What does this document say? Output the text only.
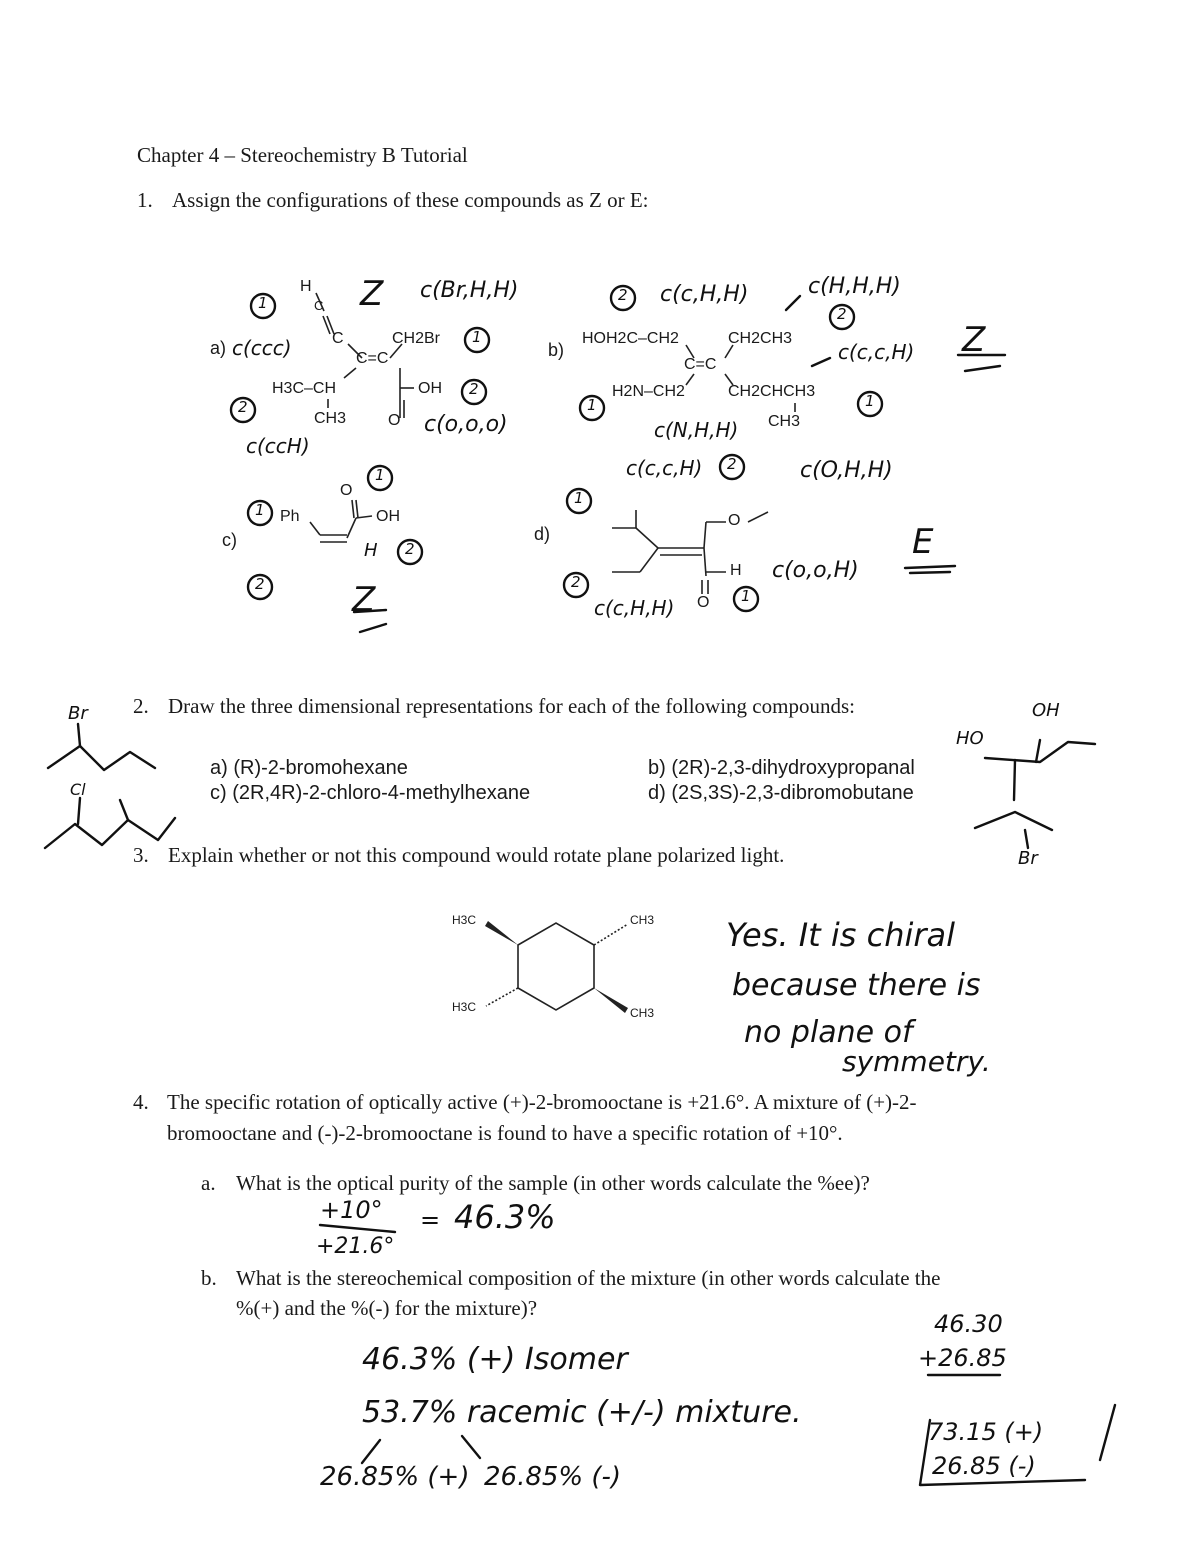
Chapter 4 – Stereochemistry B Tutorial
1. Assign the configurations of these compounds as Z or E:
a)
H
C
C
C=C
CH2Br
H3C–CH	OH
CH3	O
Z c(Br,H,H)
c(ccc)
c(ccH)
c(o,o,o)
1
1
2
2
b)
HOH2C–CH2	CH2CH3
C=C
H2N–CH2	CH2CHCH3
CH3
c(c,H,H)	c(H,H,H)
c(c,c,H)
c(N,H,H)
Z
2
2
1	1
c)
Ph
O
OH
H
Z
1
1
2
2
d)
O
H
O
c(c,c,H)	c(O,H,H)
c(o,o,H)
c(c,H,H)
E
1
2
2
1
2. Draw the three dimensional representations for each of the following compounds:
a) (R)-2-bromohexane
c) (2R,4R)-2-chloro-4-methylhexane
b) (2R)-2,3-dihydroxypropanal
d) (2S,3S)-2,3-dibromobutane
Br
Cl
OH
HO
Br
3. Explain whether or not this compound would rotate plane polarized light.
H3C	CH3
H3C	CH3
Yes. It is chiral
because there is
no plane of
symmetry.
4. The specific rotation of optically active (+)-2-bromooctane is +21.6°. A mixture of (+)-2-
bromooctane and (-)-2-bromooctane is found to have a specific rotation of +10°.
a. What is the optical purity of the sample (in other words calculate the %ee)?
+10°
+21.6°
= 46.3%
b. What is the stereochemical composition of the mixture (in other words calculate the
%(+) and the %(-) for the mixture)?
46.3% (+) Isomer
53.7% racemic (+/-) mixture.
26.85% (+) 26.85% (-)
46.30
+26.85
73.15 (+)
26.85 (-)
